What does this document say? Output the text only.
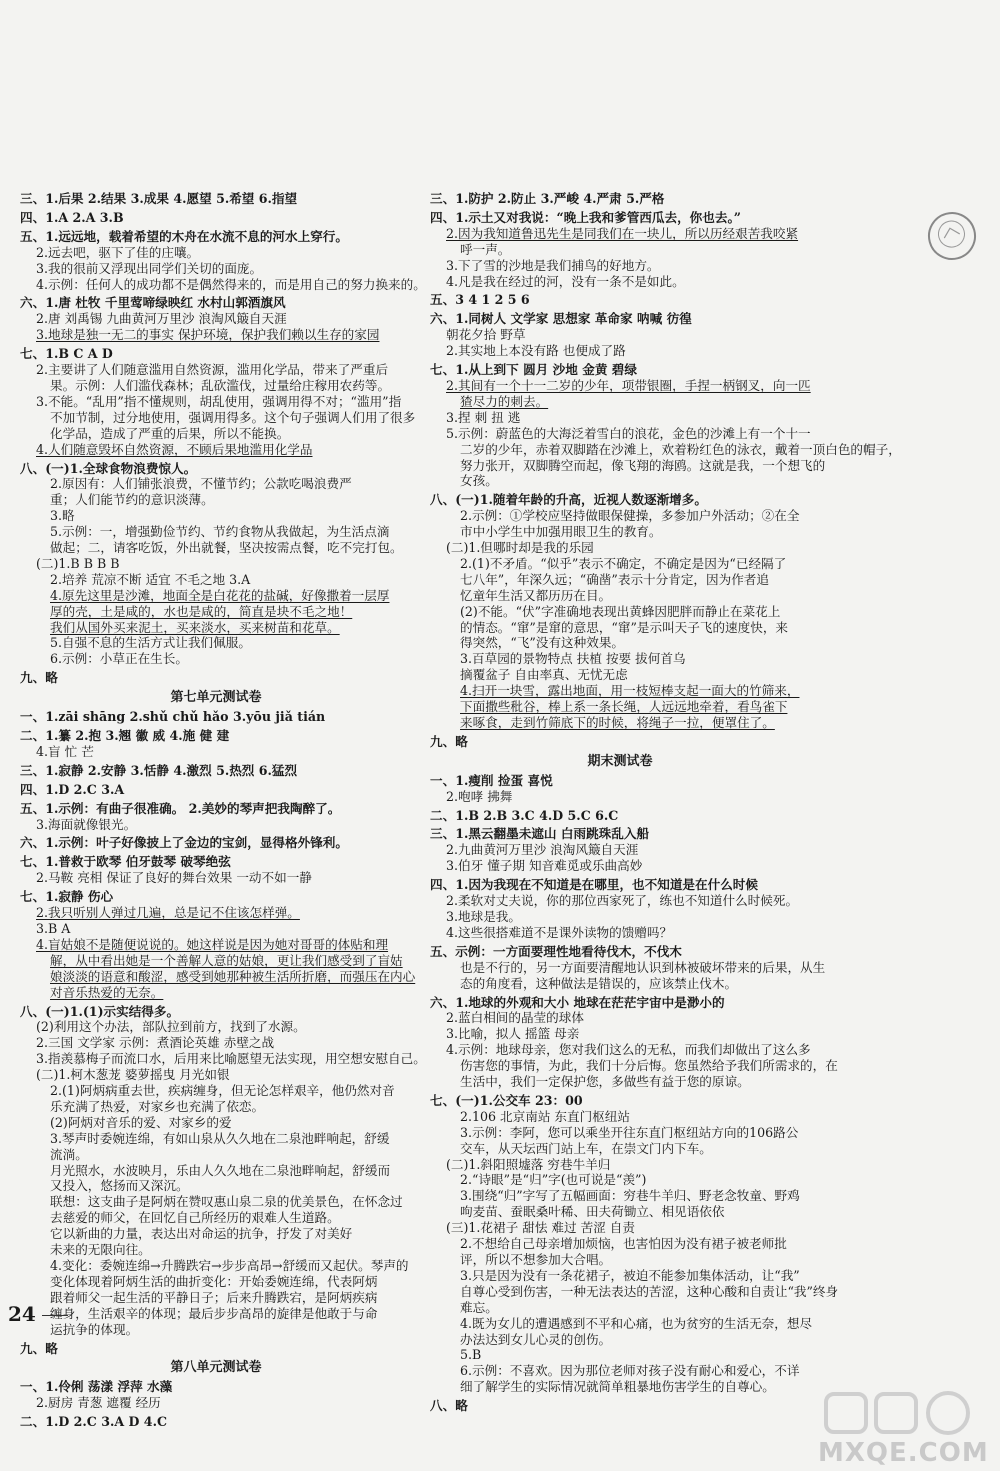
三、1.后果 2.结果 3.成果 4.愿望 5.希望 6.指望
四、1.A 2.A 3.B
五、1.远远地，载着希望的木舟在水流不息的河水上穿行。
2.远去吧，驱下了佳的庄嚷。
3.我的很前又浮现出同学们关切的面庞。
4.示例：任何人的成功都不是偶然得来的，而是用自己的努力换来的。
六、1.唐 杜牧 千里莺啼绿映红 水村山郭酒旗风
2.唐 刘禹锡 九曲黄河万里沙 浪淘风簸自天涯
3.地球是独一无二的事实 保护环境，保护我们赖以生存的家园
七、1.B C A D
2.主要讲了人们随意滥用自然资源，滥用化学品，带来了严重后
果。示例：人们滥伐森林；乱砍滥伐，过量给庄稼用农药等。
3.不能。“乱用”指不懂规则，胡乱使用，强调用得不对；“滥用”指
不加节制，过分地使用，强调用得多。这个句子强调人们用了很多
化学品，造成了严重的后果，所以不能换。
4.人们随意毁坏自然资源，不顾后果地滥用化学品
八、(一)1.全球食物浪费惊人。
2.原因有：人们铺张浪费，不懂节约；公款吃喝浪费严
重；人们能节约的意识淡薄。
3.略
5.示例：一，增强勤俭节约、节约食物从我做起，为生活点滴
做起；二，请客吃饭，外出就餐，坚决按需点餐，吃不完打包。
(二)1.B B B B
2.培养 荒凉不断 适宜 不毛之地 3.A
4.原先这里是沙滩，地面全是白花花的盐碱，好像撒着一层厚
厚的壳，土是咸的，水也是咸的，简直是块不毛之地！
我们从国外买来泥土，买来淡水，买来树苗和花草。
5.自强不息的生活方式让我们佩服。
6.示例：小草正在生长。
九、略
第七单元测试卷
一、1.zāi shāng 2.shǔ chǔ hǎo 3.yōu jiǎ tián
二、1.纂 2.抱 3.翘 徽 威 4.施 健 建
4.盲 忙 芒
三、1.寂静 2.安静 3.恬静 4.激烈 5.热烈 6.猛烈
四、1.D 2.C 3.A
五、1.示例：有曲子很准确。 2.美妙的琴声把我陶醉了。
3.海面就像银光。
六、1.示例：叶子好像披上了金边的宝剑，显得格外锋利。
七、1.普救于欧琴 伯牙鼓琴 破琴绝弦
2.马鞍 亮相 保证了良好的舞台效果 一动不如一静
七、1.寂静 伤心
2.我只听别人弹过几遍，总是记不住该怎样弹。
3.B A
4.盲姑娘不是随便说说的。她这样说是因为她对哥哥的体贴和理
解，从中看出她是一个善解人意的姑娘，更让我们感受到了盲姑
娘淡淡的语意和酸涩，感受到她那种被生活所折磨，而强压在内心
对音乐热爱的无奈。
八、(一)1.(1)示实结得多。
(2)利用这个办法，部队拉到前方，找到了水源。
2.三国 文学家 示例：煮酒论英雄 赤壁之战
3.指羡慕梅子而流口水，后用来比喻愿望无法实现，用空想安慰自己。
(二)1.柯木葱茏 婆萝摇曳 月光如银
2.(1)阿炳病重去世，疾病缠身，但无论怎样艰辛，他仍然对音
乐充满了热爱，对家乡也充满了依恋。
(2)阿炳对音乐的爱、对家乡的爱
3.琴声时委婉连绵，有如山泉从久久地在二泉池畔响起，舒缓
流淌。
月光照水，水波映月，乐由人久久地在二泉池畔响起，舒缓而
又投入，悠扬而又深沉。
联想：这支曲子是阿炳在赞叹惠山泉二泉的优美景色，在怀念过
去慈爱的师父，在回忆自己所经历的艰难人生道路。
它以新曲的力量，表达出对命运的抗争，抒发了对美好
未来的无限向往。
4.变化：委婉连绵→升腾跌宕→步步高昂→舒缓而又起伏。琴声的
变化体现着阿炳生活的曲折变化：开始委婉连绵，代表阿炳
跟着师父一起生活的平静日子；后来升腾跌宕，是阿炳疾病
缠身，生活艰辛的体现；最后步步高昂的旋律是他敢于与命
运抗争的体现。
九、略
第八单元测试卷
一、1.伶俐 荡漾 浮萍 水藻
2.厨房 青葱 遮覆 经历
二、1.D 2.C 3.A D 4.C
三、1.防护 2.防止 3.严峻 4.严肃 5.严格
四、1.示土又对我说：“晚上我和爹管西瓜去，你也去。”
2.因为我知道鲁迅先生是同我们在一块儿，所以历经艰苦我咬紧
呼一声。
3.下了雪的沙地是我们捕鸟的好地方。
4.凡是我在经过的河，没有一条不是如此。
五、3 4 1 2 5 6
六、1.同树人 文学家 思想家 革命家 呐喊 彷徨
朝花夕拾 野草
2.其实地上本没有路 也便成了路
七、1.从上到下 圆月 沙地 金黄 碧绿
2.其间有一个十一二岁的少年，项带银圈，手捏一柄钢叉，向一匹
猹尽力的刺去。
3.捏 刺 扭 逃
5.示例：蔚蓝色的大海泛着雪白的浪花，金色的沙滩上有一个十一
二岁的少年，赤着双脚踏在沙滩上，欢着粉红色的泳衣，戴着一顶白色的帽子，
努力张开，双脚腾空而起，像飞翔的海鸥。这就是我，一个想飞的
女孩。
八、(一)1.随着年龄的升高，近视人数逐渐增多。
2.示例：①学校应坚持做眼保健操，多参加户外活动；②在全
市中小学生中加强用眼卫生的教育。
(二)1.但哪时却是我的乐园
2.(1)不矛盾。“似乎”表示不确定，不确定是因为“已经隔了
七八年”，年深久远；“确凿”表示十分肯定，因为作者追
忆童年生活又都历历在目。
(2)不能。“伏”字准确地表现出黄蜂因肥胖而静止在菜花上
的情态。“窜”是窜的意思，“窜”是示叫天子飞的速度快，来
得突然，“飞”没有这种效果。
3.百草园的景物特点 扶植 按要 拔何首乌
摘覆盆子 自由率真、无忧无虑
4.扫开一块雪，露出地面，用一枝短棒支起一面大的竹筛来，
下面撒些秕谷，棒上系一条长绳，人远远地牵着，看鸟雀下
来啄食，走到竹筛底下的时候，将绳子一拉，便罩住了。
九、略
期末测试卷
一、1.瘦削 捡蛋 喜悦
2.咆哮 拂舞
二、1.B 2.B 3.C 4.D 5.C 6.C
三、1.黑云翻墨未遮山 白雨跳珠乱入船
2.九曲黄河万里沙 浪淘风簸自天涯
3.伯牙 懂子期 知音难觅或乐曲高妙
四、1.因为我现在不知道是在哪里，也不知道是在什么时候
2.柔软对丈夫说，你的那位西家死了，练也不知道什么时候死。
3.地球是我。
4.这些很搭难道不是课外读物的馈赠吗？
五、示例：一方面要理性地看待伐木，不伐木
也是不行的，另一方面要清醒地认识到林被破坏带来的后果，从生
态的角度看，这种做法是错误的，应该禁止伐木。
六、1.地球的外观和大小 地球在茫茫宇宙中是渺小的
2.蓝白相间的晶莹的球体
3.比喻，拟人 摇篮 母亲
4.示例：地球母亲，您对我们这么的无私，而我们却做出了这么多
伤害您的事情，为此，我们十分后悔。您虽然给予我们所需求的，在
生活中，我们一定保护您，多做些有益于您的原谅。
七、(一)1.公交车 23：00
2.106 北京南站 东直门枢纽站
3.示例：李阿，您可以乘坐开往东直门枢纽站方向的106路公
交车，从天坛西门站上车，在崇文门内下车。
(二)1.斜阳照墟落 穷巷牛羊归
2.“诗眼”是“归”字(也可说是“羡”)
3.围绕“归”字写了五幅画面：穷巷牛羊归、野老念牧童、野鸡
呴麦苗、蚕眠桑叶稀、田夫荷锄立、相见语依依
(三)1.花裙子 甜怯 难过 苦涩 自责
2.不想给自己母亲增加烦恼，也害怕因为没有裙子被老师批
评，所以不想参加大合唱。
3.只是因为没有一条花裙子，被迫不能参加集体活动，让“我”
自尊心受到伤害，一种无法表达的苦涩，这种心酸和自责让“我”终身
难忘。
4.既为女儿的遭遇感到不平和心痛，也为贫穷的生活无奈，想尽
办法达到女儿心灵的创伤。
5.B
6.示例：不喜欢。因为那位老师对孩子没有耐心和爱心，不详
细了解学生的实际情况就简单粗暴地伤害学生的自尊心。
八、略
24
MXQE.COM
